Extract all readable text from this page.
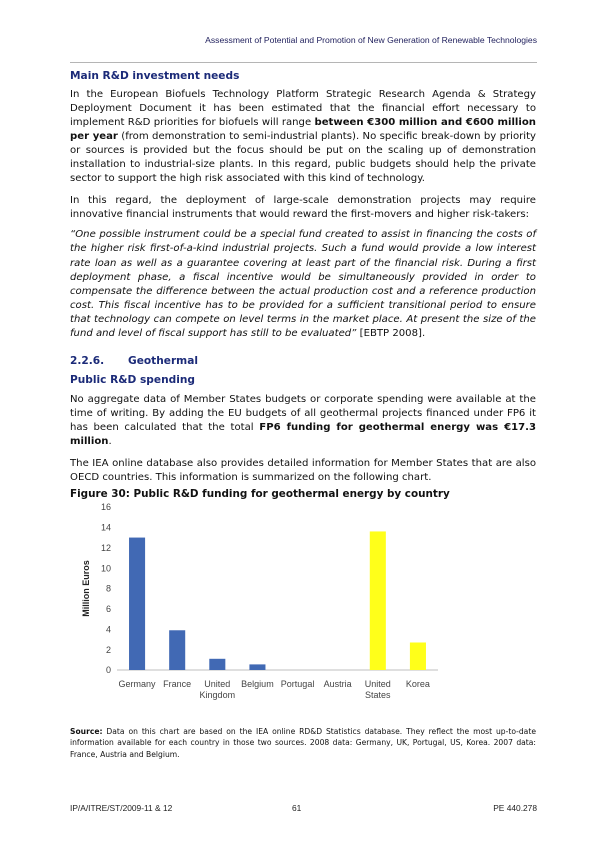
Assessment of Potential and Promotion of New Generation of Renewable Technologies
Main R&D investment needs

In the European Biofuels Technology Platform Strategic Research Agenda & Strategy Deployment Document it has been estimated that the financial effort necessary to implement R&D priorities for biofuels will range between €300 million and €600 million per year (from demonstration to semi-industrial plants). No specific break-down by priority or sources is provided but the focus should be put on the scaling up of demonstration installation to industrial-size plants. In this regard, public budgets should help the private sector to support the high risk associated with this kind of technology.

In this regard, the deployment of large-scale demonstration projects may require innovative financial instruments that would reward the first-movers and higher risk-takers:

“One possible instrument could be a special fund created to assist in financing the costs of the higher risk first-of-a-kind industrial projects. Such a fund would provide a low interest rate loan as well as a guarantee covering at least part of the financial risk. During a first deployment phase, a fiscal incentive would be simultaneously provided in order to compensate the difference between the actual production cost and a reference production cost. This fiscal incentive has to be provided for a sufficient transitional period to ensure that technology can compete on level terms in the market place. At present the size of the fund and level of fiscal support has still to be evaluated” [EBTP 2008].

2.2.6. Geothermal
Public R&D spending

No aggregate data of Member States budgets or corporate spending were available at the time of writing. By adding the EU budgets of all geothermal projects financed under FP6 it has been calculated that the total FP6 funding for geothermal energy was €17.3 million.

The IEA online database also provides detailed information for Member States that are also OECD countries. This information is summarized on the following chart.

Figure 30: Public R&D funding for geothermal energy by country
0
2
4
6
8
10
12
14
16
Million Euros
Germany France United
Kingdom
Belgium Portugal Austria United
States
Korea

Source: Data on this chart are based on the IEA online RD&D Statistics database. They reflect the most up-to-date information available for each country in those two sources. 2008 data: Germany, UK, Portugal, US, Korea. 2007 data: France, Austria and Belgium.

IP/A/ITRE/ST/2009-11 & 12	61	PE 440.278
